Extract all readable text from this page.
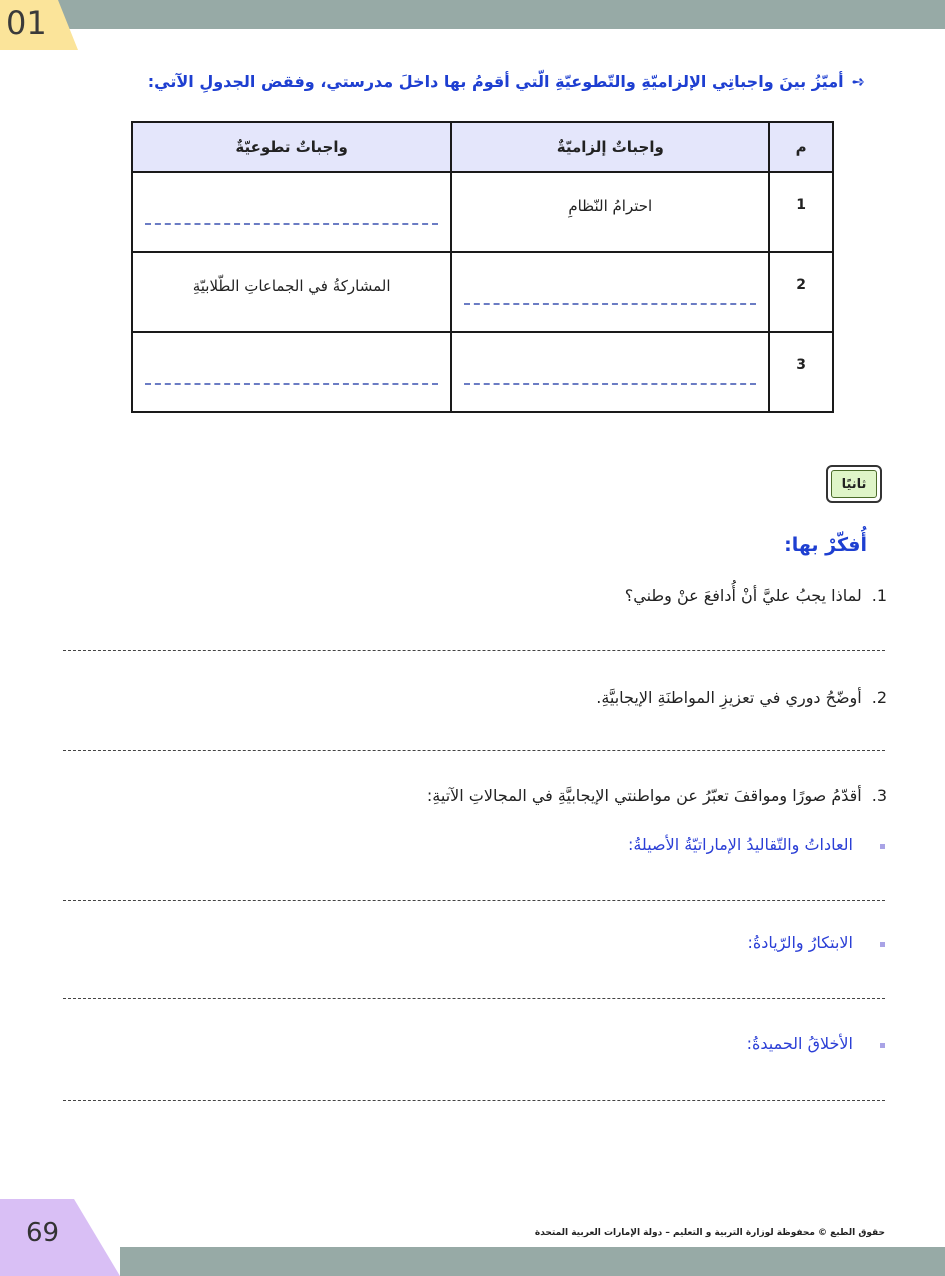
01
➺أميّزُ بينَ واجباتِي الإلزاميّةِ والتّطوعيّةِ الّتي أقومُ بها داخلَ مدرستي، وفقض الجدولِ الآتي:
م	واجباتٌ إلزاميّةٌ	واجباتٌ تطوعيّةٌ

1	احترامُ النّظامِ	

2		المشاركةُ في الجماعاتِ الطّلابيّةِ

3		

ثانيًا
أُفكّرْ بها:
1.لماذا يجبُ عليَّ أنْ أُدافعَ عنْ وطني؟
2.أوضّحُ دوري في تعزيزِ المواطنَةِ الإيجابيَّةِ.
3.أقدّمُ صورًا ومواقفَ تعبّرُ عن مواطنتي الإيجابيَّةِ في المجالاتِ الآتيةِ:
العاداتُ والتّقاليدُ الإماراتيّةُ الأصيلةُ:
الابتكارُ والرّيادةُ:
الأخلاقُ الحميدةُ:
69	حقوق الطبع © محفوظة لوزارة التربية و التعليم – دولة الإمارات العربية المتحدة
